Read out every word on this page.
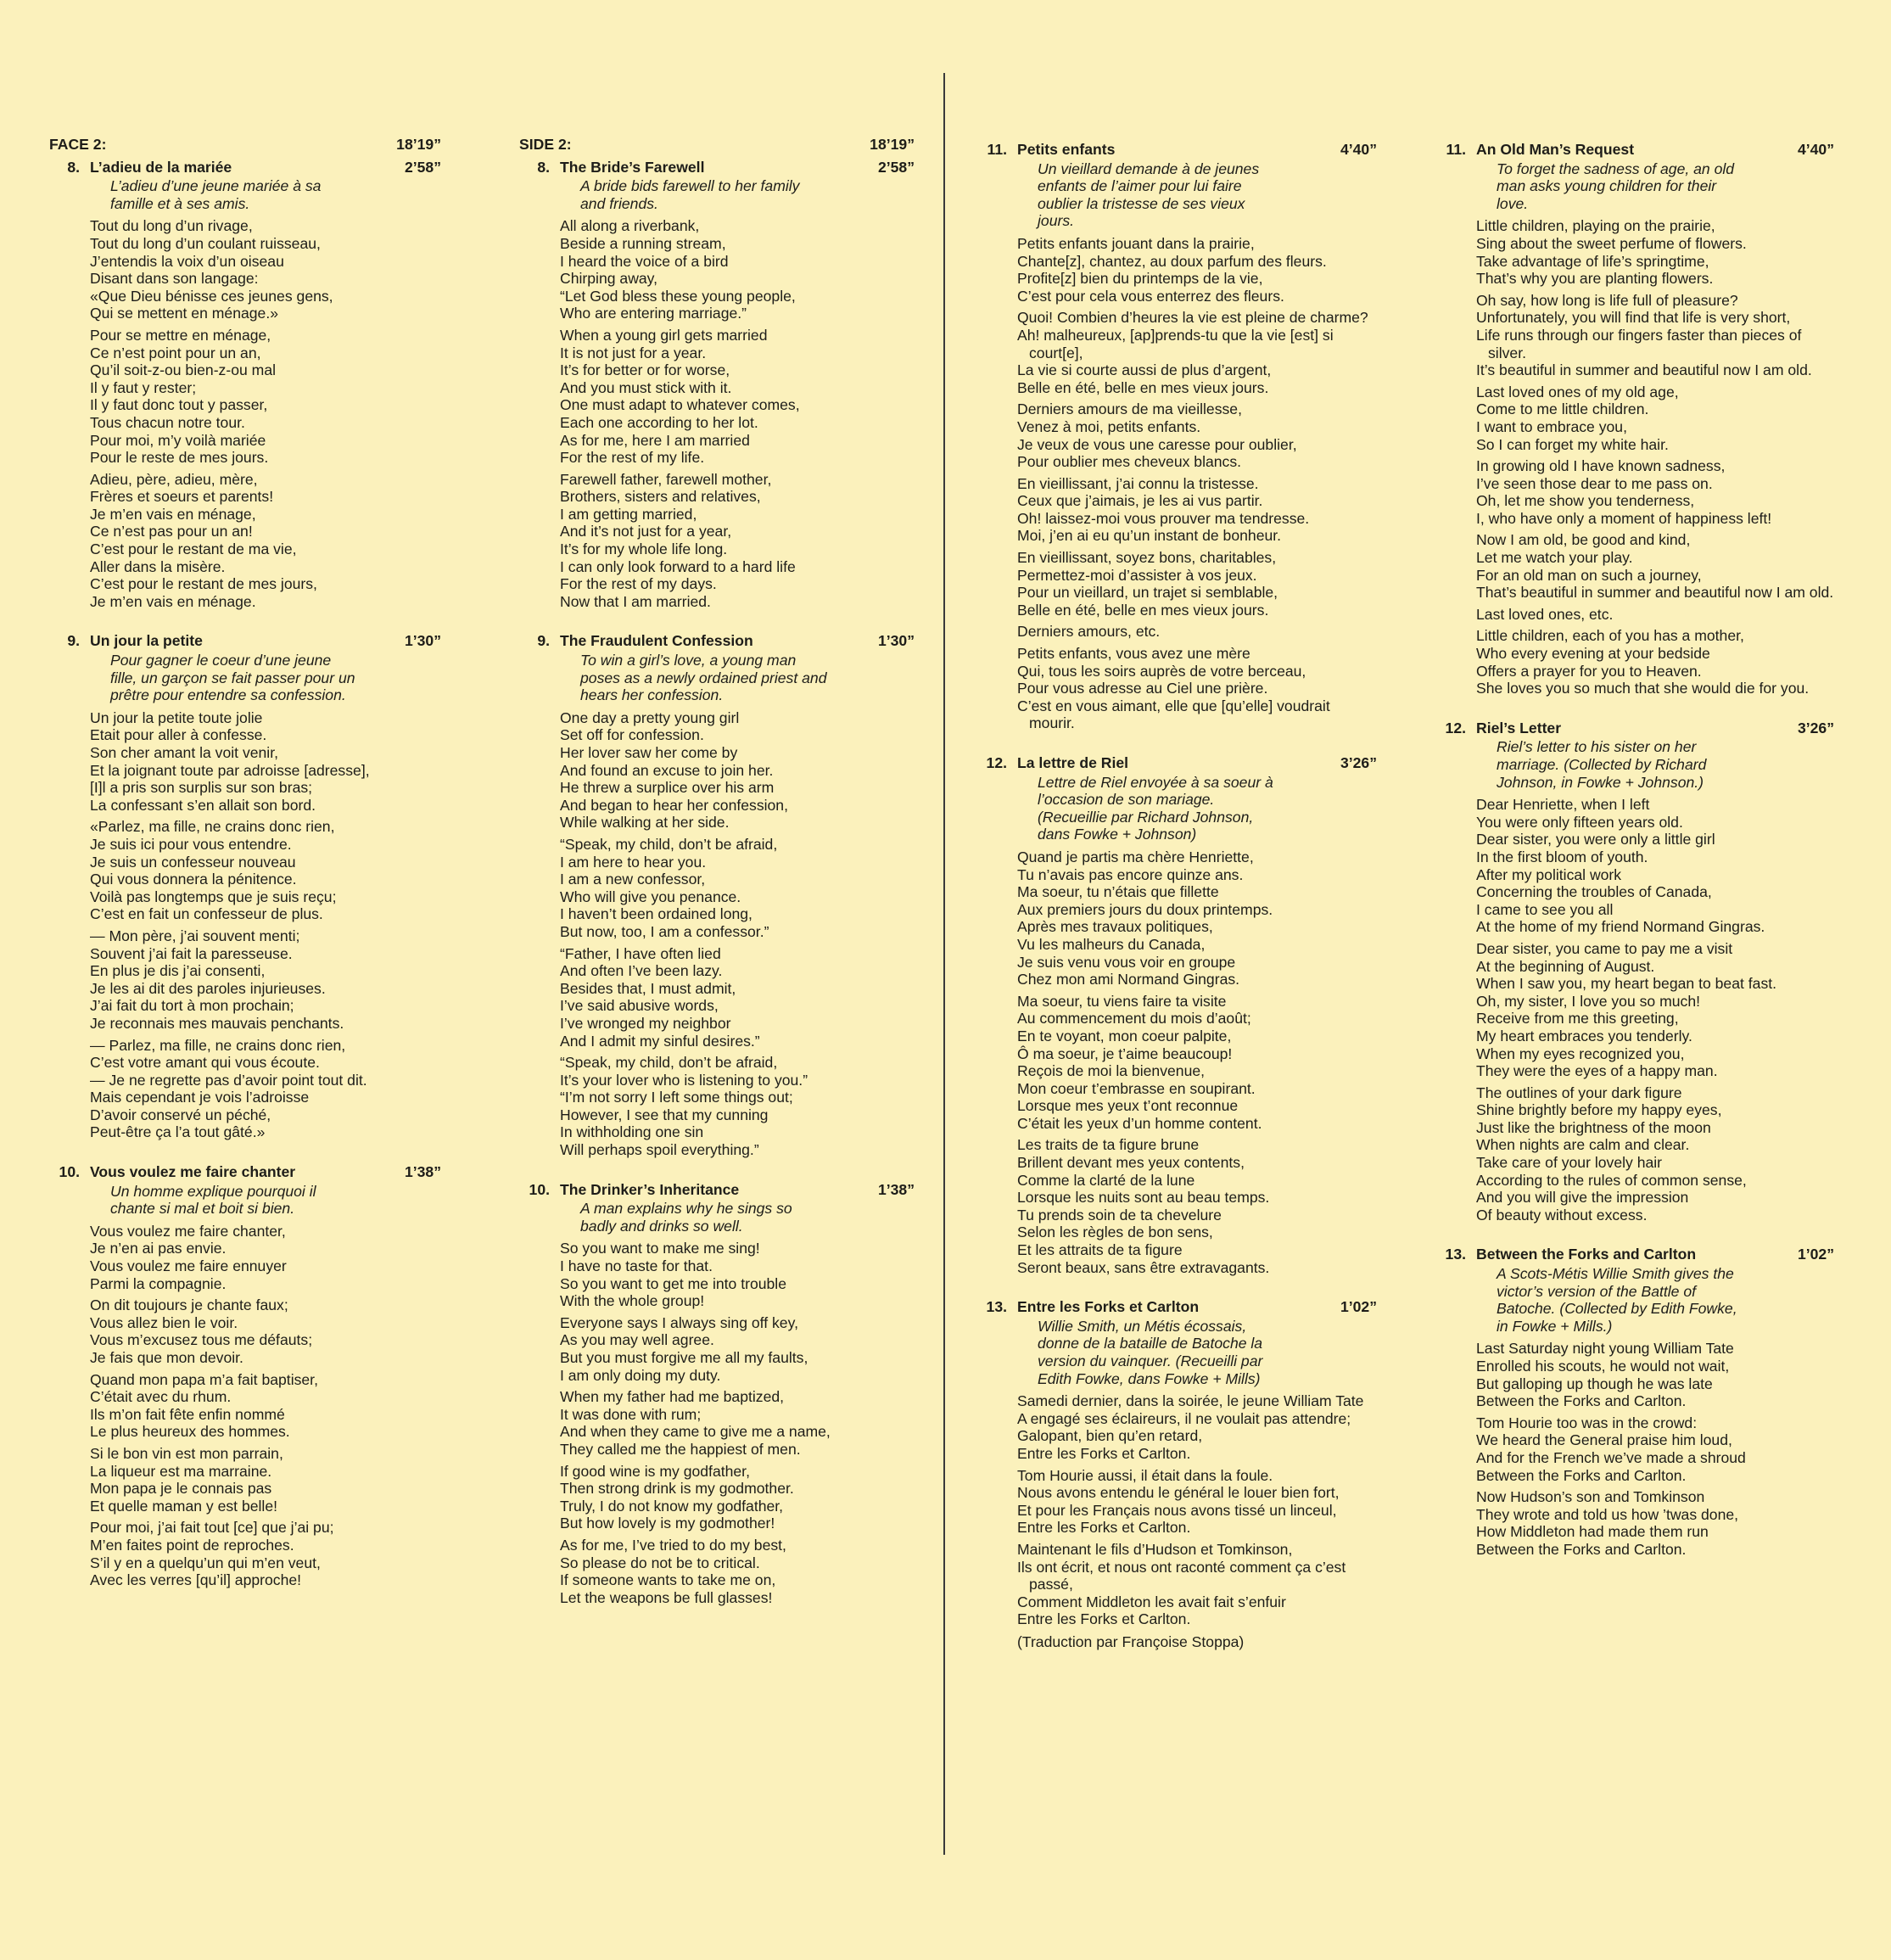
FACE 2:	18’19”
8. L’adieu de la mariée	2’58”
L’adieu d’une jeune mariée à sa
famille et à ses amis.
Tout du long d’un rivage,
Tout du long d’un coulant ruisseau,
J’entendis la voix d’un oiseau
Disant dans son langage:
«Que Dieu bénisse ces jeunes gens,
Qui se mettent en ménage.»
Pour se mettre en ménage,
Ce n’est point pour un an,
Qu’il soit-z-ou bien-z-ou mal
Il y faut y rester;
Il y faut donc tout y passer,
Tous chacun notre tour.
Pour moi, m’y voilà mariée
Pour le reste de mes jours.
Adieu, père, adieu, mère,
Frères et soeurs et parents!
Je m’en vais en ménage,
Ce n’est pas pour un an!
C’est pour le restant de ma vie,
Aller dans la misère.
C’est pour le restant de mes jours,
Je m’en vais en ménage.
9. Un jour la petite	1’30”
Pour gagner le coeur d’une jeune
fille, un garçon se fait passer pour un
prêtre pour entendre sa confession.
Un jour la petite toute jolie
Etait pour aller à confesse.
Son cher amant la voit venir,
Et la joignant toute par adroisse [adresse],
[I]l a pris son surplis sur son bras;
La confessant s’en allait son bord.
«Parlez, ma fille, ne crains donc rien,
Je suis ici pour vous entendre.
Je suis un confesseur nouveau
Qui vous donnera la pénitence.
Voilà pas longtemps que je suis reçu;
C’est en fait un confesseur de plus.
— Mon père, j’ai souvent menti;
Souvent j’ai fait la paresseuse.
En plus je dis j’ai consenti,
Je les ai dit des paroles injurieuses.
J’ai fait du tort à mon prochain;
Je reconnais mes mauvais penchants.
— Parlez, ma fille, ne crains donc rien,
C’est votre amant qui vous écoute.
— Je ne regrette pas d’avoir point tout dit.
Mais cependant je vois l’adroisse
D’avoir conservé un péché,
Peut-être ça l’a tout gâté.»
10. Vous voulez me faire chanter	1’38”
Un homme explique pourquoi il
chante si mal et boit si bien.
Vous voulez me faire chanter,
Je n’en ai pas envie.
Vous voulez me faire ennuyer
Parmi la compagnie.
On dit toujours je chante faux;
Vous allez bien le voir.
Vous m’excusez tous me défauts;
Je fais que mon devoir.
Quand mon papa m’a fait baptiser,
C’était avec du rhum.
Ils m’on fait fête enfin nommé
Le plus heureux des hommes.
Si le bon vin est mon parrain,
La liqueur est ma marraine.
Mon papa je le connais pas
Et quelle maman y est belle!
Pour moi, j’ai fait tout [ce] que j’ai pu;
M’en faites point de reproches.
S’il y en a quelqu’un qui m’en veut,
Avec les verres [qu’il] approche!
SIDE 2:	18’19”
8. The Bride’s Farewell	2’58”
A bride bids farewell to her family
and friends.
All along a riverbank,
Beside a running stream,
I heard the voice of a bird
Chirping away,
“Let God bless these young people,
Who are entering marriage.”
When a young girl gets married
It is not just for a year.
It’s for better or for worse,
And you must stick with it.
One must adapt to whatever comes,
Each one according to her lot.
As for me, here I am married
For the rest of my life.
Farewell father, farewell mother,
Brothers, sisters and relatives,
I am getting married,
And it’s not just for a year,
It’s for my whole life long.
I can only look forward to a hard life
For the rest of my days.
Now that I am married.
9. The Fraudulent Confession	1’30”
To win a girl’s love, a young man
poses as a newly ordained priest and
hears her confession.
One day a pretty young girl
Set off for confession.
Her lover saw her come by
And found an excuse to join her.
He threw a surplice over his arm
And began to hear her confession,
While walking at her side.
“Speak, my child, don’t be afraid,
I am here to hear you.
I am a new confessor,
Who will give you penance.
I haven’t been ordained long,
But now, too, I am a confessor.”
“Father, I have often lied
And often I’ve been lazy.
Besides that, I must admit,
I’ve said abusive words,
I’ve wronged my neighbor
And I admit my sinful desires.”
“Speak, my child, don’t be afraid,
It’s your lover who is listening to you.”
“I’m not sorry I left some things out;
However, I see that my cunning
In withholding one sin
Will perhaps spoil everything.”
10. The Drinker’s Inheritance	1’38”
A man explains why he sings so
badly and drinks so well.
So you want to make me sing!
I have no taste for that.
So you want to get me into trouble
With the whole group!
Everyone says I always sing off key,
As you may well agree.
But you must forgive me all my faults,
I am only doing my duty.
When my father had me baptized,
It was done with rum;
And when they came to give me a name,
They called me the happiest of men.
If good wine is my godfather,
Then strong drink is my godmother.
Truly, I do not know my godfather,
But how lovely is my godmother!
As for me, I’ve tried to do my best,
So please do not be to critical.
If someone wants to take me on,
Let the weapons be full glasses!
11. Petits enfants	4’40”
Un vieillard demande à de jeunes
enfants de l’aimer pour lui faire
oublier la tristesse de ses vieux
jours.
Petits enfants jouant dans la prairie,
Chante[z], chantez, au doux parfum des fleurs.
Profite[z] bien du printemps de la vie,
C’est pour cela vous enterrez des fleurs.
Quoi! Combien d’heures la vie est pleine de charme?
Ah! malheureux, [ap]prends-tu que la vie [est] si court[e],
La vie si courte aussi de plus d’argent,
Belle en été, belle en mes vieux jours.
Derniers amours de ma vieillesse,
Venez à moi, petits enfants.
Je veux de vous une caresse pour oublier,
Pour oublier mes cheveux blancs.
En vieillissant, j’ai connu la tristesse.
Ceux que j’aimais, je les ai vus partir.
Oh! laissez-moi vous prouver ma tendresse.
Moi, j’en ai eu qu’un instant de bonheur.
En vieillissant, soyez bons, charitables,
Permettez-moi d’assister à vos jeux.
Pour un vieillard, un trajet si semblable,
Belle en été, belle en mes vieux jours.
Derniers amours, etc.
Petits enfants, vous avez une mère
Qui, tous les soirs auprès de votre berceau,
Pour vous adresse au Ciel une prière.
C’est en vous aimant, elle que [qu’elle] voudrait mourir.
12. La lettre de Riel	3’26”
Lettre de Riel envoyée à sa soeur à
l’occasion de son mariage.
(Recueillie par Richard Johnson,
dans Fowke + Johnson)
Quand je partis ma chère Henriette,
Tu n’avais pas encore quinze ans.
Ma soeur, tu n’étais que fillette
Aux premiers jours du doux printemps.
Après mes travaux politiques,
Vu les malheurs du Canada,
Je suis venu vous voir en groupe
Chez mon ami Normand Gingras.
Ma soeur, tu viens faire ta visite
Au commencement du mois d’août;
En te voyant, mon coeur palpite,
Ô ma soeur, je t’aime beaucoup!
Reçois de moi la bienvenue,
Mon coeur t’embrasse en soupirant.
Lorsque mes yeux t’ont reconnue
C’était les yeux d’un homme content.
Les traits de ta figure brune
Brillent devant mes yeux contents,
Comme la clarté de la lune
Lorsque les nuits sont au beau temps.
Tu prends soin de ta chevelure
Selon les règles de bon sens,
Et les attraits de ta figure
Seront beaux, sans être extravagants.
13. Entre les Forks et Carlton	1’02”
Willie Smith, un Métis écossais,
donne de la bataille de Batoche la
version du vainquer. (Recueilli par
Edith Fowke, dans Fowke + Mills)
Samedi dernier, dans la soirée, le jeune William Tate
A engagé ses éclaireurs, il ne voulait pas attendre;
Galopant, bien qu’en retard,
Entre les Forks et Carlton.
Tom Hourie aussi, il était dans la foule.
Nous avons entendu le général le louer bien fort,
Et pour les Français nous avons tissé un linceul,
Entre les Forks et Carlton.
Maintenant le fils d’Hudson et Tomkinson,
Ils ont écrit, et nous ont raconté comment ça c’est passé,
Comment Middleton les avait fait s’enfuir
Entre les Forks et Carlton.
(Traduction par Françoise Stoppa)
11. An Old Man’s Request	4’40”
To forget the sadness of age, an old
man asks young children for their
love.
Little children, playing on the prairie,
Sing about the sweet perfume of flowers.
Take advantage of life’s springtime,
That’s why you are planting flowers.
Oh say, how long is life full of pleasure?
Unfortunately, you will find that life is very short,
Life runs through our fingers faster than pieces of silver.
It’s beautiful in summer and beautiful now I am old.
Last loved ones of my old age,
Come to me little children.
I want to embrace you,
So I can forget my white hair.
In growing old I have known sadness,
I’ve seen those dear to me pass on.
Oh, let me show you tenderness,
I, who have only a moment of happiness left!
Now I am old, be good and kind,
Let me watch your play.
For an old man on such a journey,
That’s beautiful in summer and beautiful now I am old.
Last loved ones, etc.
Little children, each of you has a mother,
Who every evening at your bedside
Offers a prayer for you to Heaven.
She loves you so much that she would die for you.
12. Riel’s Letter	3’26”
Riel’s letter to his sister on her
marriage. (Collected by Richard
Johnson, in Fowke + Johnson.)
Dear Henriette, when I left
You were only fifteen years old.
Dear sister, you were only a little girl
In the first bloom of youth.
After my political work
Concerning the troubles of Canada,
I came to see you all
At the home of my friend Normand Gingras.
Dear sister, you came to pay me a visit
At the beginning of August.
When I saw you, my heart began to beat fast.
Oh, my sister, I love you so much!
Receive from me this greeting,
My heart embraces you tenderly.
When my eyes recognized you,
They were the eyes of a happy man.
The outlines of your dark figure
Shine brightly before my happy eyes,
Just like the brightness of the moon
When nights are calm and clear.
Take care of your lovely hair
According to the rules of common sense,
And you will give the impression
Of beauty without excess.
13. Between the Forks and Carlton	1’02”
A Scots-Métis Willie Smith gives the
victor’s version of the Battle of
Batoche. (Collected by Edith Fowke,
in Fowke + Mills.)
Last Saturday night young William Tate
Enrolled his scouts, he would not wait,
But galloping up though he was late
Between the Forks and Carlton.
Tom Hourie too was in the crowd:
We heard the General praise him loud,
And for the French we’ve made a shroud
Between the Forks and Carlton.
Now Hudson’s son and Tomkinson
They wrote and told us how ’twas done,
How Middleton had made them run
Between the Forks and Carlton.
